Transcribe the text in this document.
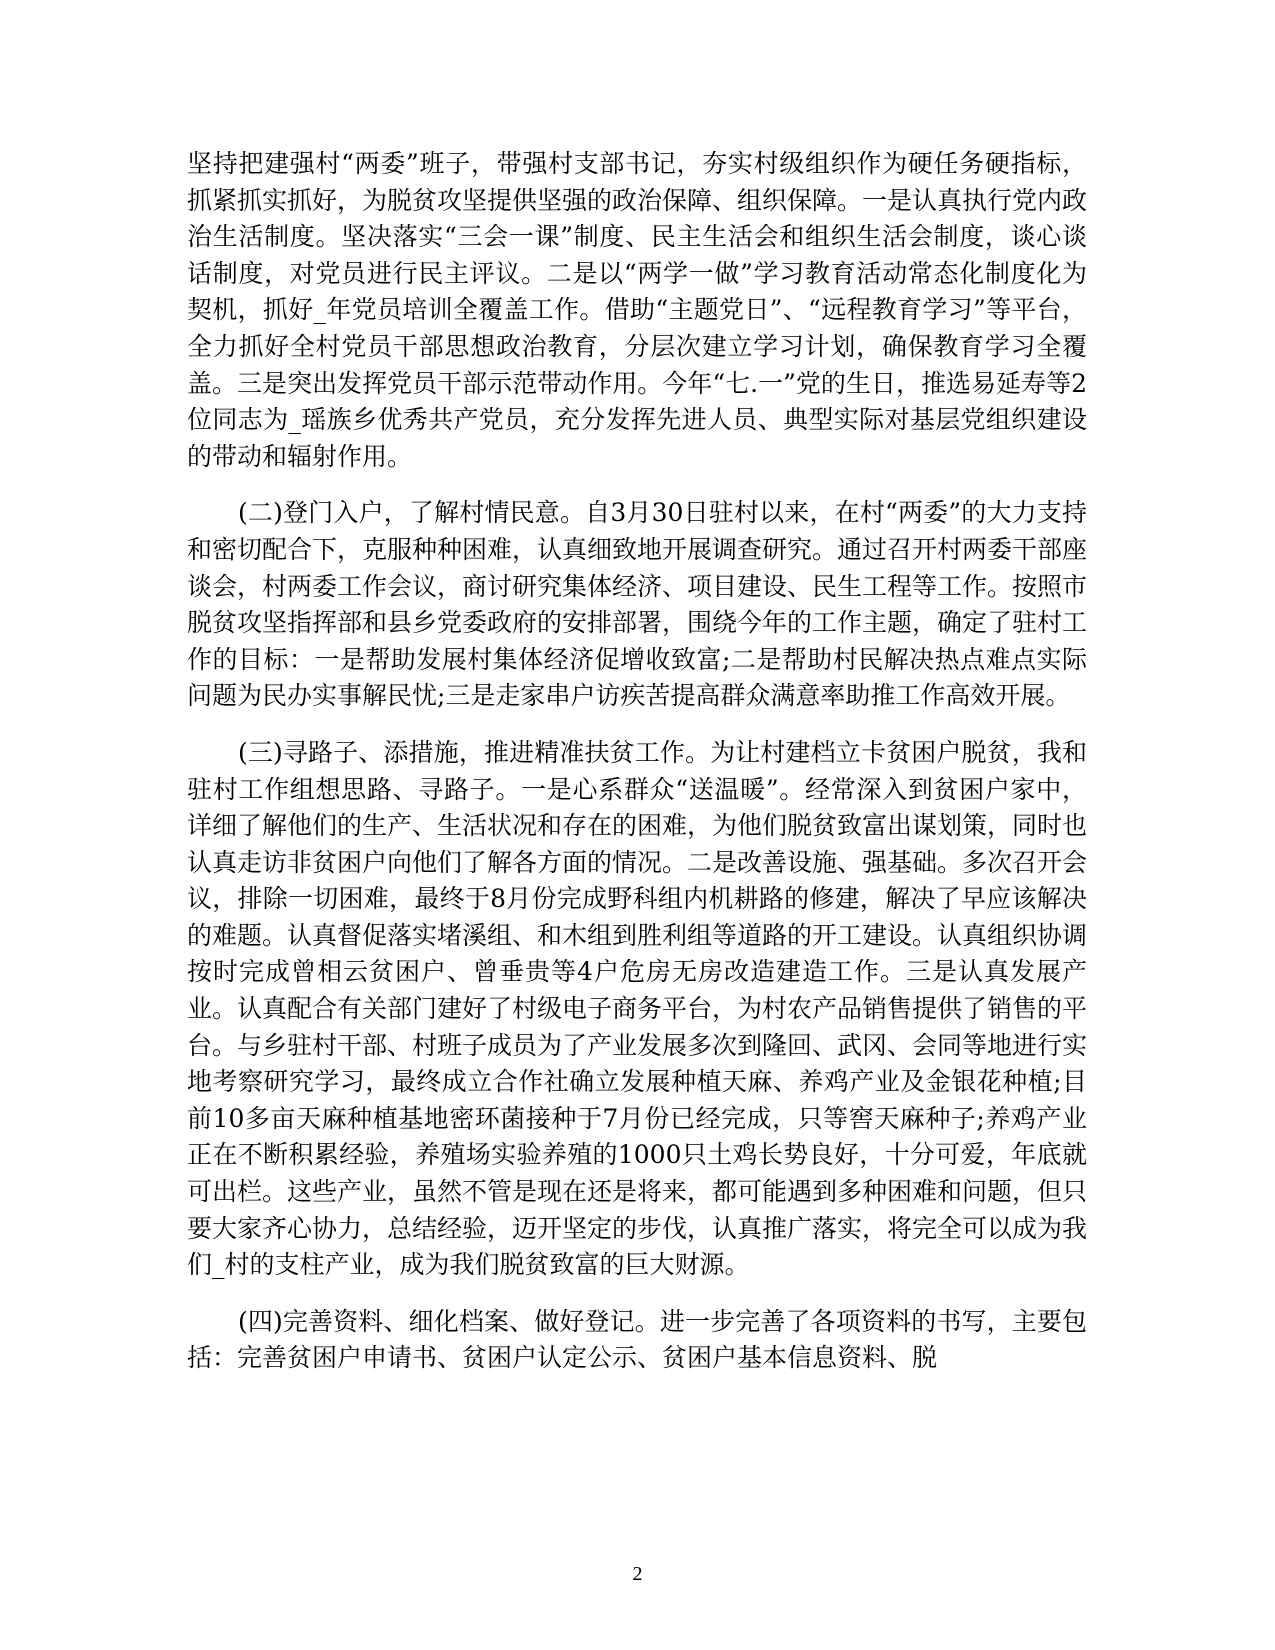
坚持把建强村“两委”班子，带强村支部书记，夯实村级组织作为硬任务硬指标，抓紧抓实抓好，为脱贫攻坚提供坚强的政治保障、组织保障。一是认真执行党内政治生活制度。坚决落实“三会一课”制度、民主生活会和组织生活会制度，谈心谈话制度，对党员进行民主评议。二是以“两学一做”学习教育活动常态化制度化为契机，抓好_年党员培训全覆盖工作。借助“主题党日”、“远程教育学习”等平台，全力抓好全村党员干部思想政治教育，分层次建立学习计划，确保教育学习全覆盖。三是突出发挥党员干部示范带动作用。今年“七.一”党的生日，推选易延寿等2位同志为_瑶族乡优秀共产党员，充分发挥先进人员、典型实际对基层党组织建设的带动和辐射作用。

(二)登门入户，了解村情民意。自3月30日驻村以来，在村“两委”的大力支持和密切配合下，克服种种困难，认真细致地开展调查研究。通过召开村两委干部座谈会，村两委工作会议，商讨研究集体经济、项目建设、民生工程等工作。按照市脱贫攻坚指挥部和县乡党委政府的安排部署，围绕今年的工作主题，确定了驻村工作的目标：一是帮助发展村集体经济促增收致富;二是帮助村民解决热点难点实际问题为民办实事解民忧;三是走家串户访疾苦提高群众满意率助推工作高效开展。

(三)寻路子、添措施，推进精准扶贫工作。为让村建档立卡贫困户脱贫，我和驻村工作组想思路、寻路子。一是心系群众“送温暖”。经常深入到贫困户家中，详细了解他们的生产、生活状况和存在的困难，为他们脱贫致富出谋划策，同时也认真走访非贫困户向他们了解各方面的情况。二是改善设施、强基础。多次召开会议，排除一切困难，最终于8月份完成野科组内机耕路的修建，解决了早应该解决的难题。认真督促落实堵溪组、和木组到胜利组等道路的开工建设。认真组织协调按时完成曾相云贫困户、曾垂贵等4户危房无房改造建造工作。三是认真发展产业。认真配合有关部门建好了村级电子商务平台，为村农产品销售提供了销售的平台。与乡驻村干部、村班子成员为了产业发展多次到隆回、武冈、会同等地进行实地考察研究学习，最终成立合作社确立发展种植天麻、养鸡产业及金银花种植;目前10多亩天麻种植基地密环菌接种于7月份已经完成，只等窖天麻种子;养鸡产业正在不断积累经验，养殖场实验养殖的1000只土鸡长势良好，十分可爱，年底就可出栏。这些产业，虽然不管是现在还是将来，都可能遇到多种困难和问题，但只要大家齐心协力，总结经验，迈开坚定的步伐，认真推广落实，将完全可以成为我们_村的支柱产业，成为我们脱贫致富的巨大财源。

(四)完善资料、细化档案、做好登记。进一步完善了各项资料的书写，主要包括：完善贫困户申请书、贫困户认定公示、贫困户基本信息资料、脱

2
